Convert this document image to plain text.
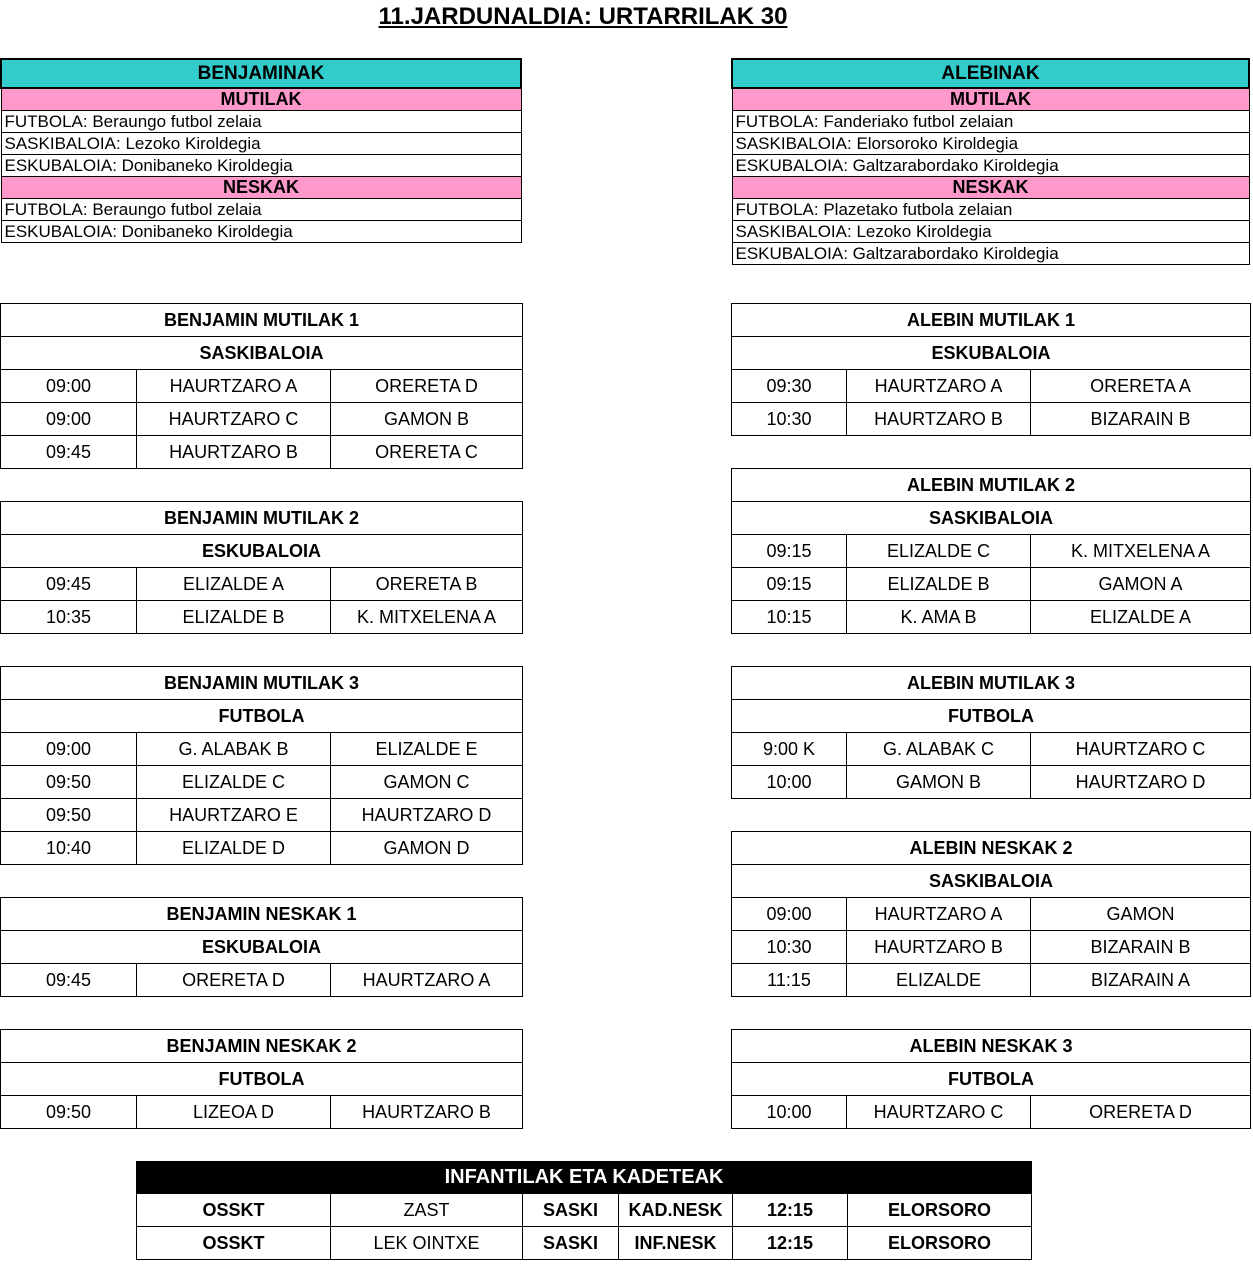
11.JARDUNALDIA: URTARRILAK 30
BENJAMINAK
MUTILAK
FUTBOLA: Beraungo futbol zelaia
SASKIBALOIA: Lezoko Kiroldegia
ESKUBALOIA: Donibaneko Kiroldegia
NESKAK
FUTBOLA: Beraungo futbol zelaia
ESKUBALOIA: Donibaneko Kiroldegia
ALEBINAK
MUTILAK
FUTBOLA: Fanderiako futbol zelaian
SASKIBALOIA: Elorsoroko Kiroldegia
ESKUBALOIA: Galtzarabordako Kiroldegia
NESKAK
FUTBOLA: Plazetako futbola zelaian
SASKIBALOIA: Lezoko Kiroldegia
ESKUBALOIA: Galtzarabordako Kiroldegia
BENJAMIN MUTILAK 1		
SASKIBALOIA		
09:00	HAURTZARO A	ORERETA D
09:00	HAURTZARO C	GAMON B
09:45	HAURTZARO B	ORERETA C
BENJAMIN MUTILAK 2		
ESKUBALOIA		
09:45	ELIZALDE A	ORERETA B
10:35	ELIZALDE B	K. MITXELENA A
BENJAMIN MUTILAK 3		
FUTBOLA		
09:00	G. ALABAK B	ELIZALDE E
09:50	ELIZALDE C	GAMON C
09:50	HAURTZARO E	HAURTZARO D
10:40	ELIZALDE D	GAMON D
BENJAMIN NESKAK 1
ESKUBALOIA
09:45	ORERETA D	HAURTZARO A
BENJAMIN NESKAK 2
FUTBOLA
09:50	LIZEOA D	HAURTZARO B
ALEBIN MUTILAK 1		
ESKUBALOIA		
09:30	HAURTZARO A	ORERETA A
10:30	HAURTZARO B	BIZARAIN B
ALEBIN MUTILAK 2		
SASKIBALOIA		
09:15	ELIZALDE C	K. MITXELENA A
09:15	ELIZALDE B	GAMON A
10:15	K. AMA B	ELIZALDE A
ALEBIN MUTILAK 3		
FUTBOLA		
9:00 K	G. ALABAK C	HAURTZARO C
10:00	GAMON B	HAURTZARO D
ALEBIN NESKAK 2		
SASKIBALOIA		
09:00	HAURTZARO A	GAMON
10:30	HAURTZARO B	BIZARAIN B
11:15	ELIZALDE	BIZARAIN A
ALEBIN NESKAK 3
FUTBOLA
10:00	HAURTZARO C	ORERETA D
INFANTILAK ETA KADETEAK					
OSSKT	ZAST	SASKI	KAD.NESK	12:15	ELORSORO
OSSKT	LEK OINTXE	SASKI	INF.NESK	12:15	ELORSORO
